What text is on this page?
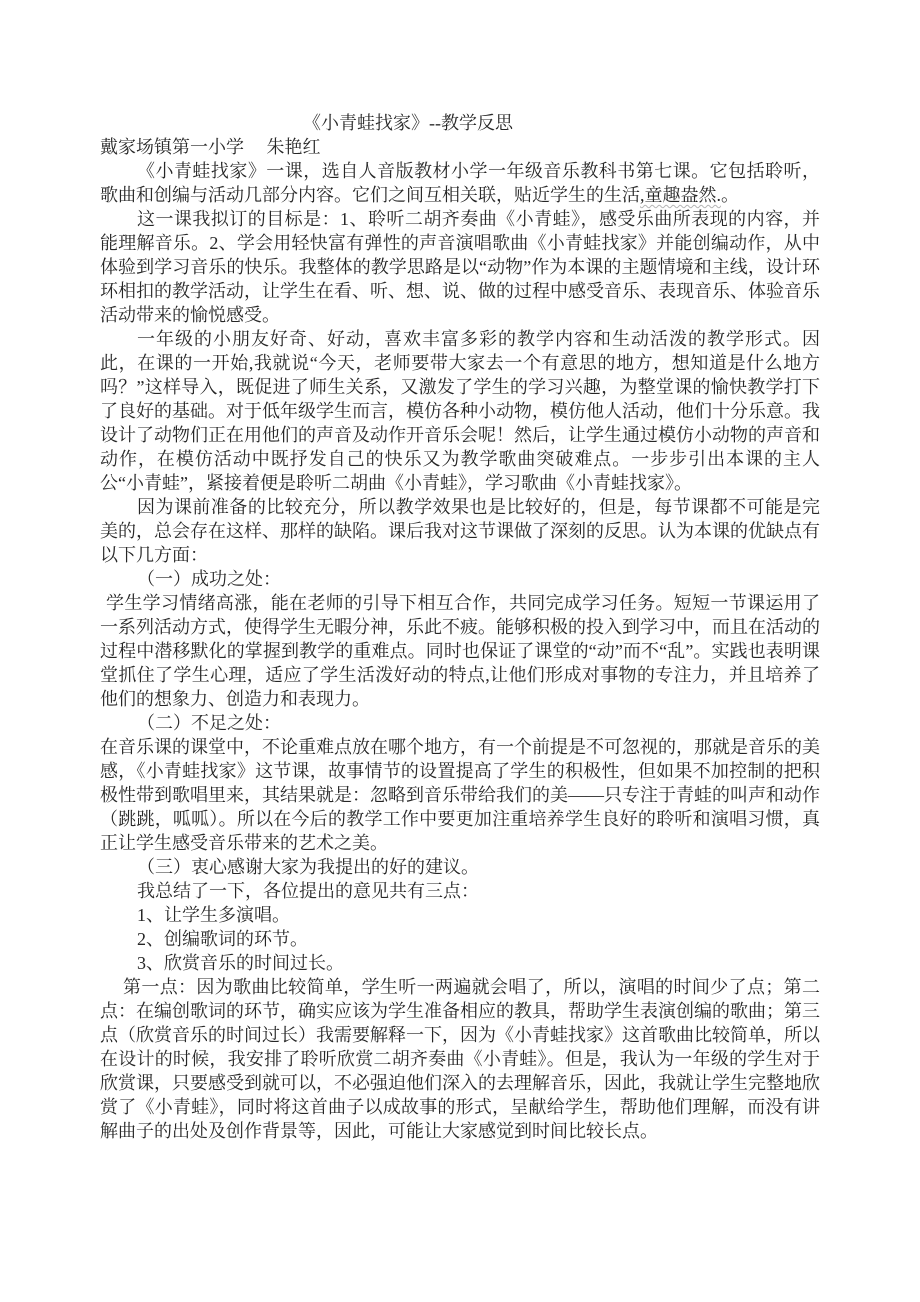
《小青蛙找家》--教学反思

戴家场镇第一小学　 朱艳红

《小青蛙找家》一课，选自人音版教材小学一年级音乐教科书第七课。它包括聆听，歌曲和创编与活动几部分内容。它们之间互相关联，贴近学生的生活,童趣盎然.。

这一课我拟订的目标是：1、聆听二胡齐奏曲《小青蛙》，感受乐曲所表现的内容，并能理解音乐。2、学会用轻快富有弹性的声音演唱歌曲《小青蛙找家》并能创编动作，从中体验到学习音乐的快乐。我整体的教学思路是以“动物”作为本课的主题情境和主线，设计环环相扣的教学活动，让学生在看、听、想、说、做的过程中感受音乐、表现音乐、体验音乐活动带来的愉悦感受。

一年级的小朋友好奇、好动，喜欢丰富多彩的教学内容和生动活泼的教学形式。因此，在课的一开始,我就说“今天，老师要带大家去一个有意思的地方，想知道是什么地方吗？”这样导入，既促进了师生关系，又激发了学生的学习兴趣，为整堂课的愉快教学打下了良好的基础。对于低年级学生而言，模仿各种小动物，模仿他人活动，他们十分乐意。我设计了动物们正在用他们的声音及动作开音乐会呢！然后，让学生通过模仿小动物的声音和动作，在模仿活动中既抒发自己的快乐又为教学歌曲突破难点。一步步引出本课的主人公“小青蛙”，紧接着便是聆听二胡曲《小青蛙》，学习歌曲《小青蛙找家》。

因为课前准备的比较充分，所以教学效果也是比较好的，但是，每节课都不可能是完美的，总会存在这样、那样的缺陷。课后我对这节课做了深刻的反思。认为本课的优缺点有以下几方面：

（一）成功之处：

学生学习情绪高涨，能在老师的引导下相互合作，共同完成学习任务。短短一节课运用了一系列活动方式，使得学生无暇分神，乐此不疲。能够积极的投入到学习中，而且在活动的过程中潜移默化的掌握到教学的重难点。同时也保证了课堂的“动”而不“乱”。实践也表明课堂抓住了学生心理，适应了学生活泼好动的特点,让他们形成对事物的专注力，并且培养了他们的想象力、创造力和表现力。

（二）不足之处：

在音乐课的课堂中，不论重难点放在哪个地方，有一个前提是不可忽视的，那就是音乐的美感，《小青蛙找家》这节课，故事情节的设置提高了学生的积极性，但如果不加控制的把积极性带到歌唱里来，其结果就是：忽略到音乐带给我们的美——只专注于青蛙的叫声和动作（跳跳，呱呱）。所以在今后的教学工作中要更加注重培养学生良好的聆听和演唱习惯，真正让学生感受音乐带来的艺术之美。

（三）衷心感谢大家为我提出的好的建议。

我总结了一下，各位提出的意见共有三点：

1、让学生多演唱。

2、创编歌词的环节。

3、欣赏音乐的时间过长。

第一点：因为歌曲比较简单，学生听一两遍就会唱了，所以，演唱的时间少了点；第二点：在编创歌词的环节，确实应该为学生准备相应的教具，帮助学生表演创编的歌曲；第三点（欣赏音乐的时间过长）我需要解释一下，因为《小青蛙找家》这首歌曲比较简单，所以在设计的时候，我安排了聆听欣赏二胡齐奏曲《小青蛙》。但是，我认为一年级的学生对于欣赏课，只要感受到就可以，不必强迫他们深入的去理解音乐，因此，我就让学生完整地欣赏了《小青蛙》，同时将这首曲子以成故事的形式，呈献给学生，帮助他们理解，而没有讲解曲子的出处及创作背景等，因此，可能让大家感觉到时间比较长点。
